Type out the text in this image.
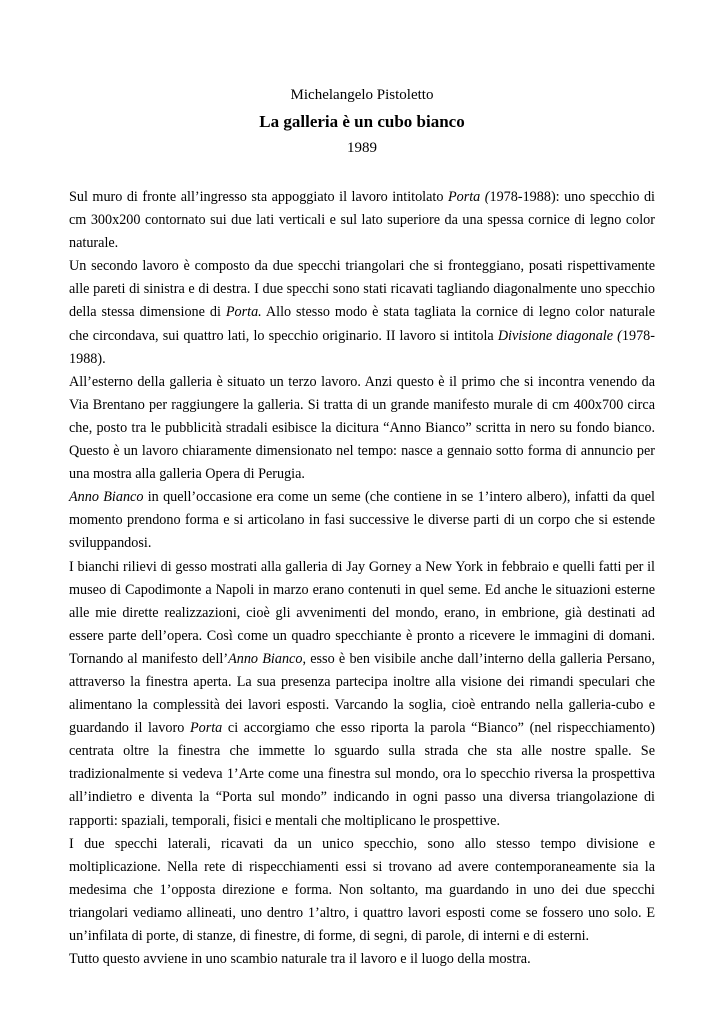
Michelangelo Pistoletto
La galleria è un cubo bianco
1989

Sul muro di fronte all’ingresso sta appoggiato il lavoro intitolato Porta (1978-1988): uno specchio di cm 300x200 contornato sui due lati verticali e sul lato superiore da una spessa cornice di legno color naturale.

Un secondo lavoro è composto da due specchi triangolari che si fronteggiano, posati rispettivamente alle pareti di sinistra e di destra. I due specchi sono stati ricavati tagliando diagonalmente uno specchio della stessa dimensione di Porta. Allo stesso modo è stata tagliata la cornice di legno color naturale che circondava, sui quattro lati, lo specchio originario. II lavoro si intitola Divisione diagonale (1978-1988).

All’esterno della galleria è situato un terzo lavoro. Anzi questo è il primo che si incontra venendo da Via Brentano per raggiungere la galleria. Si tratta di un grande manifesto murale di cm 400x700 circa che, posto tra le pubblicità stradali esibisce la dicitura “Anno Bianco” scritta in nero su fondo bianco. Questo è un lavoro chiaramente dimensionato nel tempo: nasce a gennaio sotto forma di annuncio per una mostra alla galleria Opera di Perugia.

Anno Bianco in quell’occasione era come un seme (che contiene in se 1’intero albero), infatti da quel momento prendono forma e si articolano in fasi successive le diverse parti di un corpo che si estende sviluppandosi.

I bianchi rilievi di gesso mostrati alla galleria di Jay Gorney a New York in febbraio e quelli fatti per il museo di Capodimonte a Napoli in marzo erano contenuti in quel seme. Ed anche le situazioni esterne alle mie dirette realizzazioni, cioè gli avvenimenti del mondo, erano, in embrione, già destinati ad essere parte dell’opera. Così come un quadro specchiante è pronto a ricevere le immagini di domani. Tornando al manifesto dell’Anno Bianco, esso è ben visibile anche dall’interno della galleria Persano, attraverso la finestra aperta. La sua presenza partecipa inoltre alla visione dei rimandi speculari che alimentano la complessità dei lavori esposti. Varcando la soglia, cioè entrando nella galleria-cubo e guardando il lavoro Porta ci accorgiamo che esso riporta la parola “Bianco” (nel rispecchiamento) centrata oltre la finestra che immette lo sguardo sulla strada che sta alle nostre spalle. Se tradizionalmente si vedeva 1’Arte come una finestra sul mondo, ora lo specchio riversa la prospettiva all’indietro e diventa la “Porta sul mondo” indicando in ogni passo una diversa triangolazione di rapporti: spaziali, temporali, fisici e mentali che moltiplicano le prospettive.

I due specchi laterali, ricavati da un unico specchio, sono allo stesso tempo divisione e moltiplicazione. Nella rete di rispecchiamenti essi si trovano ad avere contemporaneamente sia la medesima che 1’opposta direzione e forma. Non soltanto, ma guardando in uno dei due specchi triangolari vediamo allineati, uno dentro 1’altro, i quattro lavori esposti come se fossero uno solo. E un’infilata di porte, di stanze, di finestre, di forme, di segni, di parole, di interni e di esterni.

Tutto questo avviene in uno scambio naturale tra il lavoro e il luogo della mostra.
